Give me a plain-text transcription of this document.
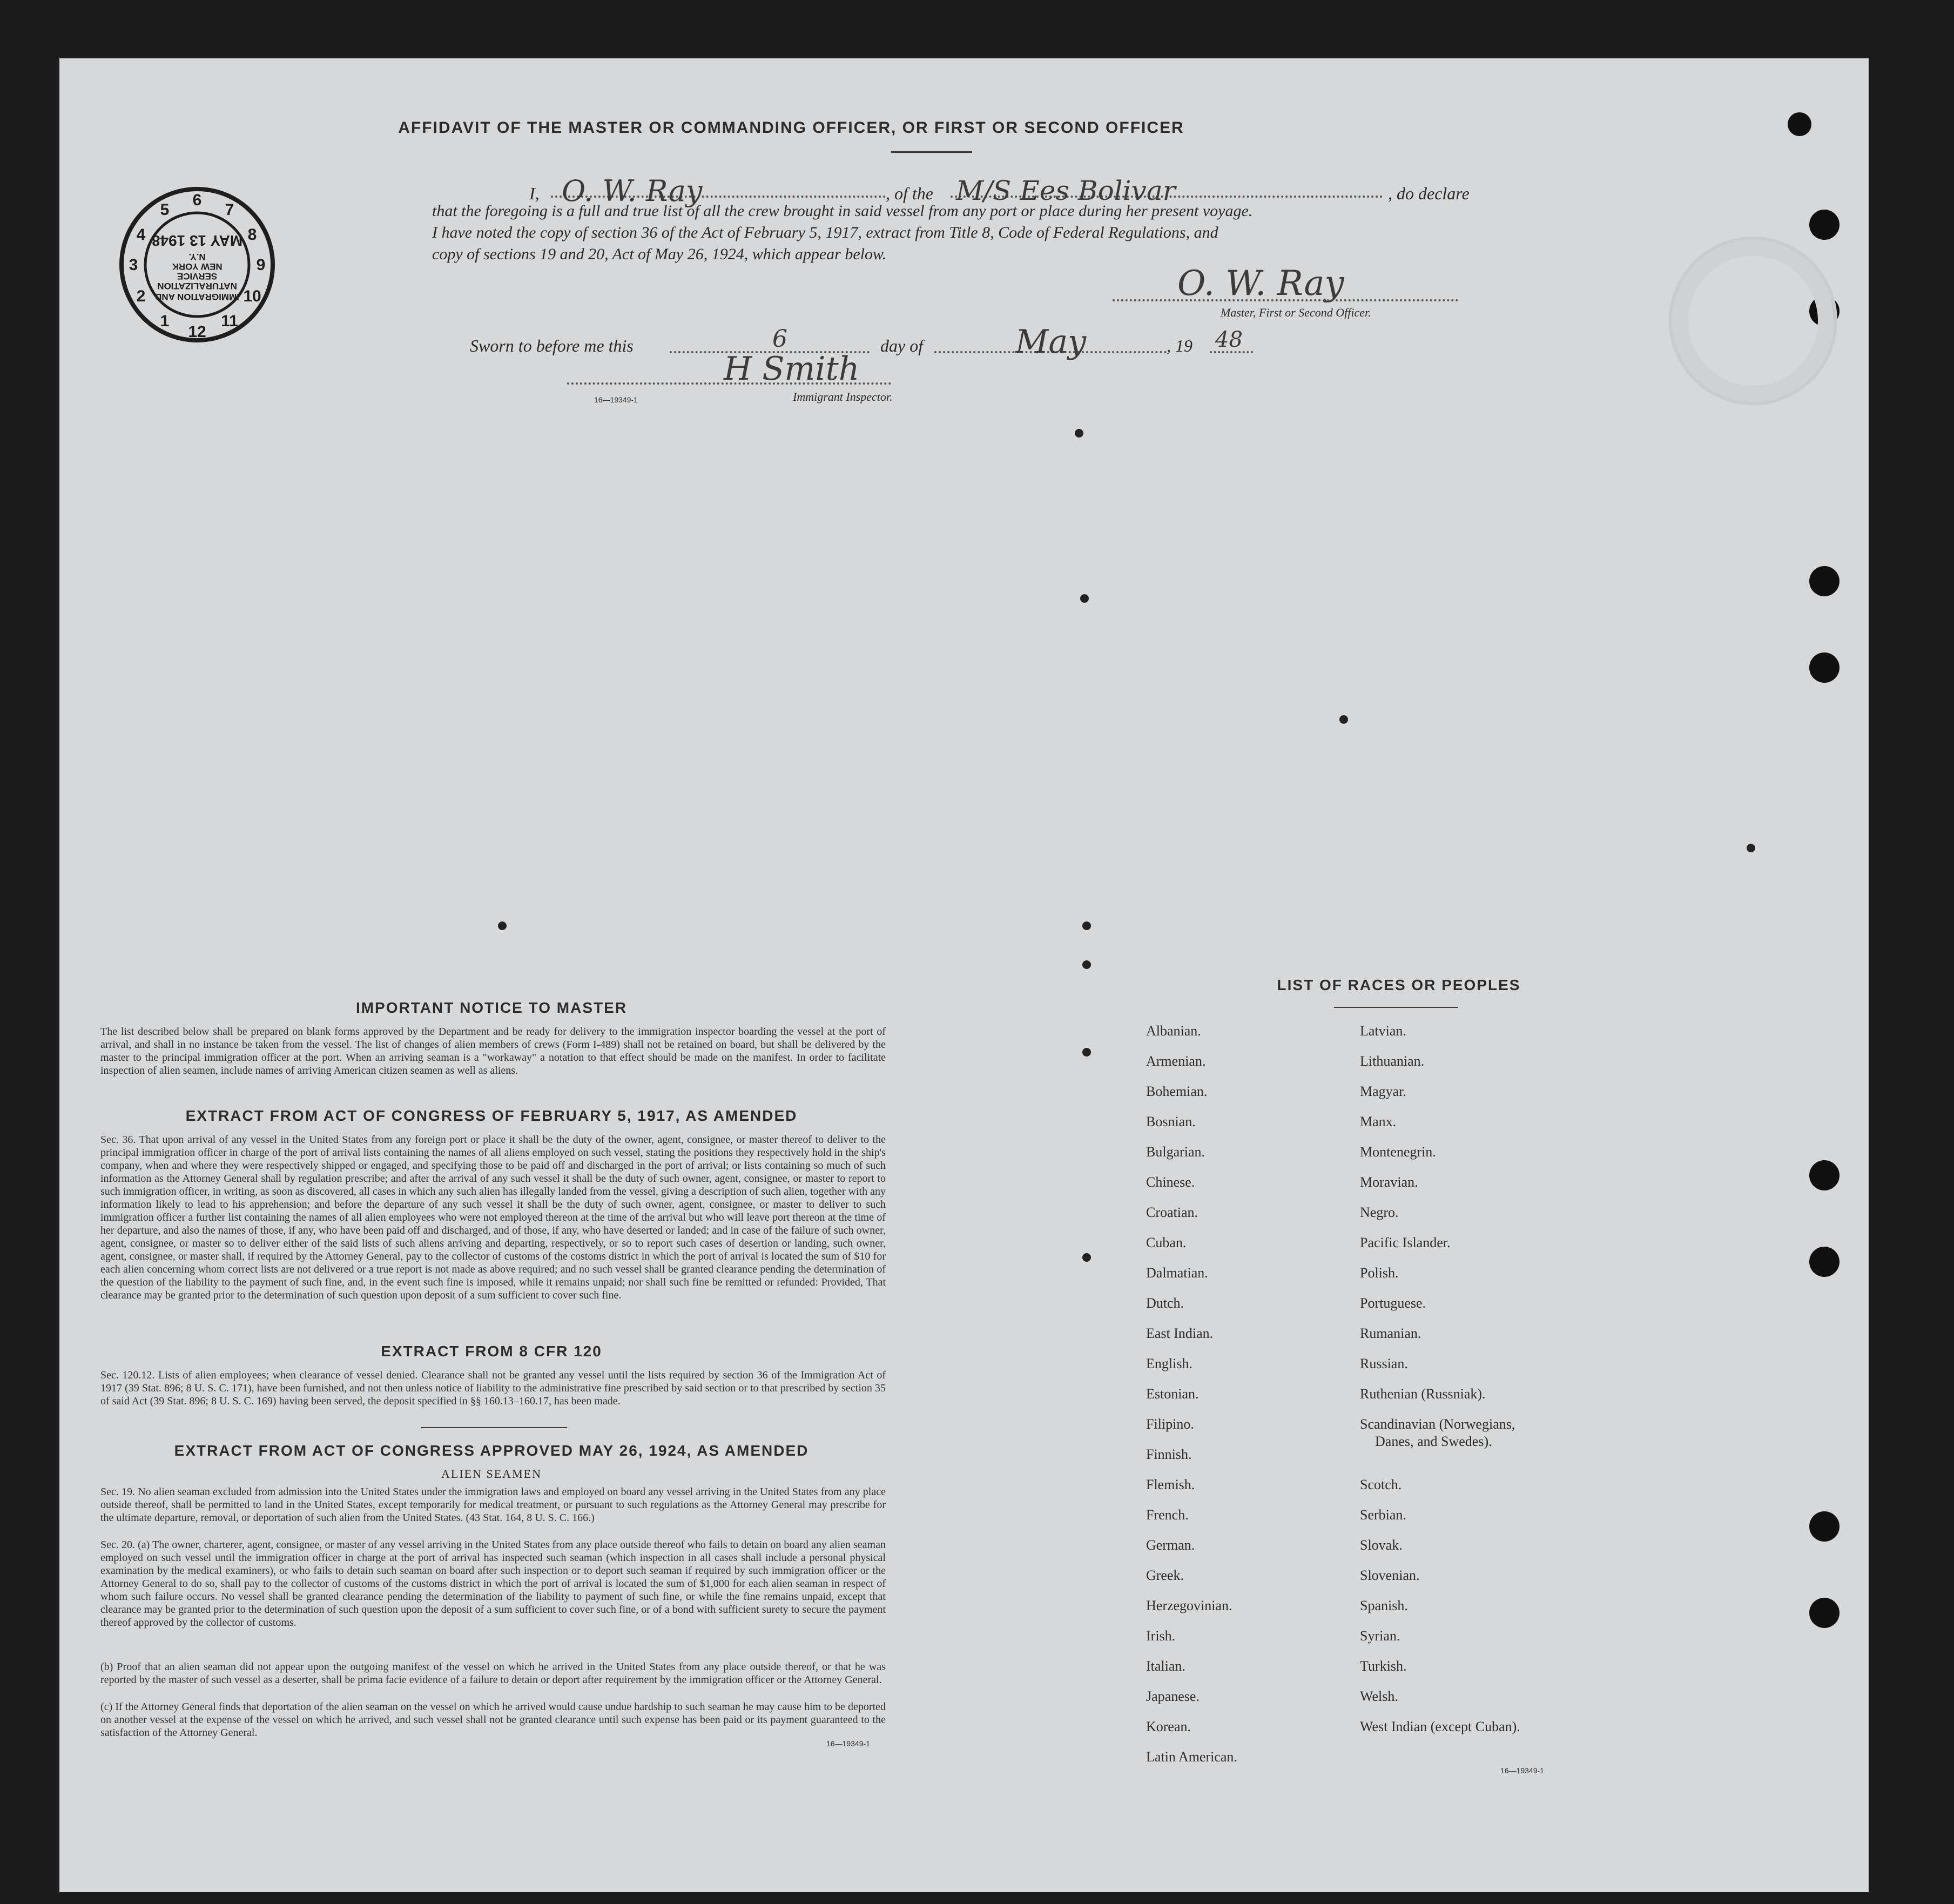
6
7
8
9
10
11
12
1
2
3
4
5
IMMIGRATION AND
NATURALIZATION
SERVICE
NEW YORK
N.Y.
MAY 13 1948
AFFIDAVIT OF THE MASTER OR COMMANDING OFFICER, OR FIRST OR SECOND OFFICER
I, O. W. Ray	, of the M/S Ees Bolivar	, do declare
that the foregoing is a full and true list of all the crew brought in said vessel from any port or place during her present voyage.
I have noted the copy of section 36 of the Act of February 5, 1917, extract from Title 8, Code of Federal Regulations, and
copy of sections 19 and 20, Act of May 26, 1924, which appear below.
O. W. Ray
Master, First or Second Officer.
Sworn to before me this	6	day of	May	, 19 48
H Smith
16—19349-1	Immigrant Inspector.
IMPORTANT NOTICE TO MASTER
The list described below shall be prepared on blank forms approved by the Department and be ready for delivery to the immigration inspector boarding the vessel at the port of arrival, and shall in no instance be taken from the vessel. The list of changes of alien members of crews (Form I-489) shall not be retained on board, but shall be delivered by the master to the principal immigration officer at the port. When an arriving seaman is a "workaway" a notation to that effect should be made on the manifest. In order to facilitate inspection of alien seamen, include names of arriving American citizen seamen as well as aliens.
EXTRACT FROM ACT OF CONGRESS OF FEBRUARY 5, 1917, AS AMENDED
Sec. 36. That upon arrival of any vessel in the United States from any foreign port or place it shall be the duty of the owner, agent, consignee, or master thereof to deliver to the principal immigration officer in charge of the port of arrival lists containing the names of all aliens employed on such vessel, stating the positions they respectively hold in the ship's company, when and where they were respectively shipped or engaged, and specifying those to be paid off and discharged in the port of arrival; or lists containing so much of such information as the Attorney General shall by regulation prescribe; and after the arrival of any such vessel it shall be the duty of such owner, agent, consignee, or master to report to such immigration officer, in writing, as soon as discovered, all cases in which any such alien has illegally landed from the vessel, giving a description of such alien, together with any information likely to lead to his apprehension; and before the departure of any such vessel it shall be the duty of such owner, agent, consignee, or master to deliver to such immigration officer a further list containing the names of all alien employees who were not employed thereon at the time of the arrival but who will leave port thereon at the time of her departure, and also the names of those, if any, who have been paid off and discharged, and of those, if any, who have deserted or landed; and in case of the failure of such owner, agent, consignee, or master so to deliver either of the said lists of such aliens arriving and departing, respectively, or so to report such cases of desertion or landing, such owner, agent, consignee, or master shall, if required by the Attorney General, pay to the collector of customs of the costoms district in which the port of arrival is located the sum of $10 for each alien concerning whom correct lists are not delivered or a true report is not made as above required; and no such vessel shall be granted clearance pending the determination of the question of the liability to the payment of such fine, and, in the event such fine is imposed, while it remains unpaid; nor shall such fine be remitted or refunded: Provided, That clearance may be granted prior to the determination of such question upon deposit of a sum sufficient to cover such fine.
EXTRACT FROM 8 CFR 120
Sec. 120.12. Lists of alien employees; when clearance of vessel denied. Clearance shall not be granted any vessel until the lists required by section 36 of the Immigration Act of 1917 (39 Stat. 896; 8 U. S. C. 171), have been furnished, and not then unless notice of liability to the administrative fine prescribed by said section or to that prescribed by section 35 of said Act (39 Stat. 896; 8 U. S. C. 169) having been served, the deposit specified in §§ 160.13–160.17, has been made.
EXTRACT FROM ACT OF CONGRESS APPROVED MAY 26, 1924, AS AMENDED
ALIEN SEAMEN
Sec. 19. No alien seaman excluded from admission into the United States under the immigration laws and employed on board any vessel arriving in the United States from any place outside thereof, shall be permitted to land in the United States, except temporarily for medical treatment, or pursuant to such regulations as the Attorney General may prescribe for the ultimate departure, removal, or deportation of such alien from the United States. (43 Stat. 164, 8 U. S. C. 166.)
Sec. 20. (a) The owner, charterer, agent, consignee, or master of any vessel arriving in the United States from any place outside thereof who fails to detain on board any alien seaman employed on such vessel until the immigration officer in charge at the port of arrival has inspected such seaman (which inspection in all cases shall include a personal physical examination by the medical examiners), or who fails to detain such seaman on board after such inspection or to deport such seaman if required by such immigration officer or the Attorney General to do so, shall pay to the collector of customs of the customs district in which the port of arrival is located the sum of $1,000 for each alien seaman in respect of whom such failure occurs. No vessel shall be granted clearance pending the determination of the liability to payment of such fine, or while the fine remains unpaid, except that clearance may be granted prior to the determination of such question upon the deposit of a sum sufficient to cover such fine, or of a bond with sufficient surety to secure the payment thereof approved by the collector of customs.
(b) Proof that an alien seaman did not appear upon the outgoing manifest of the vessel on which he arrived in the United States from any place outside thereof, or that he was reported by the master of such vessel as a deserter, shall be prima facie evidence of a failure to detain or deport after requirement by the immigration officer or the Attorney General.
(c) If the Attorney General finds that deportation of the alien seaman on the vessel on which he arrived would cause undue hardship to such seaman he may cause him to be deported on another vessel at the expense of the vessel on which he arrived, and such vessel shall not be granted clearance until such expense has been paid or its payment guaranteed to the satisfaction of the Attorney General.
16—19349-1
LIST OF RACES OR PEOPLES
Albanian.
Armenian.
Bohemian.
Bosnian.
Bulgarian.
Chinese.
Croatian.
Cuban.
Dalmatian.
Dutch.
East Indian.
English.
Estonian.
Filipino.
Finnish.
Flemish.
French.
German.
Greek.
Herzegovinian.
Irish.
Italian.
Japanese.
Korean.
Latin American.
Latvian.
Lithuanian.
Magyar.
Manx.
Montenegrin.
Moravian.
Negro.
Pacific Islander.
Polish.
Portuguese.
Rumanian.
Russian.
Ruthenian (Russniak).
Scandinavian (Norwegians,
Danes, and Swedes).
Scotch.
Serbian.
Slovak.
Slovenian.
Spanish.
Syrian.
Turkish.
Welsh.
West Indian (except Cuban).
16—19349-1
